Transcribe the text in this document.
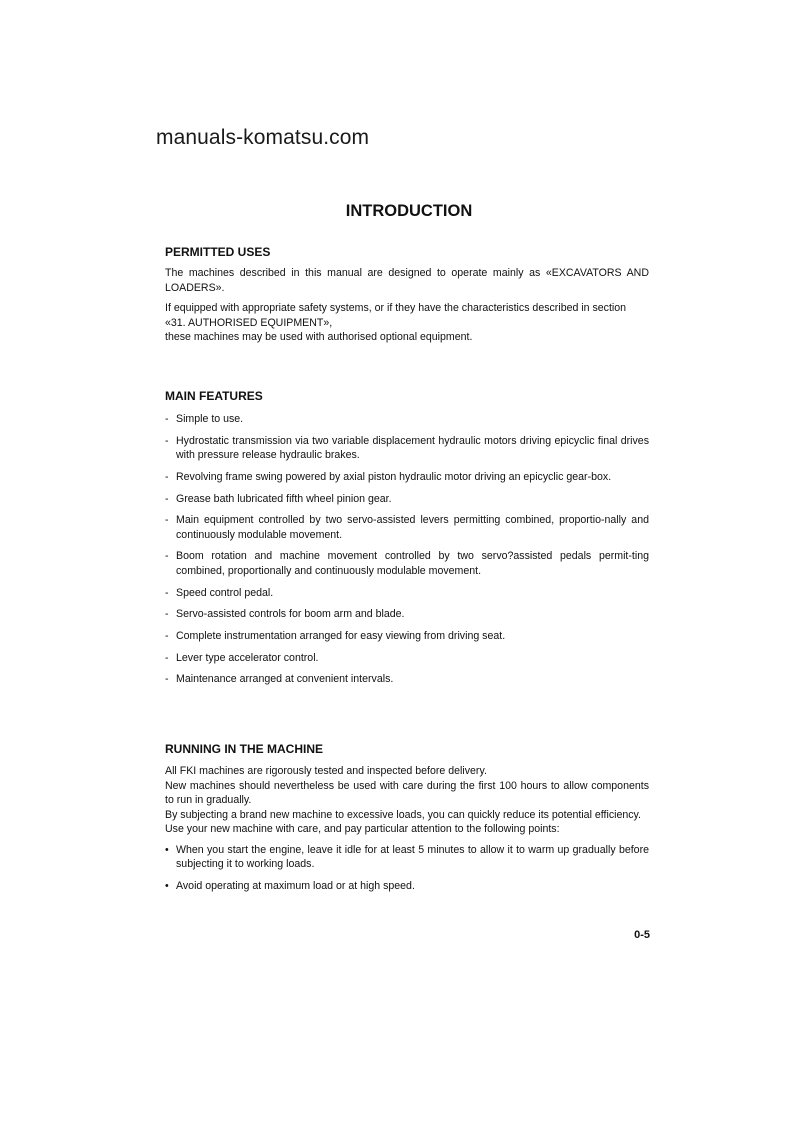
manuals-komatsu.com
INTRODUCTION
PERMITTED USES

The machines described in this manual are designed to operate mainly as «EXCAVATORS AND LOADERS».

If equipped with appropriate safety systems, or if they have the characteristics described in section «31. AUTHORISED EQUIPMENT»,

these machines may be used with authorised optional equipment.

MAIN FEATURES
- Simple to use.
- Hydrostatic transmission via two variable displacement hydraulic motors driving epicyclic final drives with pressure release hydraulic brakes.
- Revolving frame swing powered by axial piston hydraulic motor driving an epicyclic gear-box.
- Grease bath lubricated fifth wheel pinion gear.
- Main equipment controlled by two servo-assisted levers permitting combined, proportio-nally and continuously modulable movement.
- Boom rotation and machine movement controlled by two servo?assisted pedals permit-ting combined, proportionally and continuously modulable movement.
- Speed control pedal.
- Servo-assisted controls for boom arm and blade.
- Complete instrumentation arranged for easy viewing from driving seat.
- Lever type accelerator control.
- Maintenance arranged at convenient intervals.
RUNNING IN THE MACHINE

All FKI machines are rigorously tested and inspected before delivery.

New machines should nevertheless be used with care during the first 100 hours to allow components to run in gradually.

By subjecting a brand new machine to excessive loads, you can quickly reduce its potential efficiency.

Use your new machine with care, and pay particular attention to the following points:

• When you start the engine, leave it idle for at least 5 minutes to allow it to warm up gradually before subjecting it to working loads.
• Avoid operating at maximum load or at high speed.
0-5
